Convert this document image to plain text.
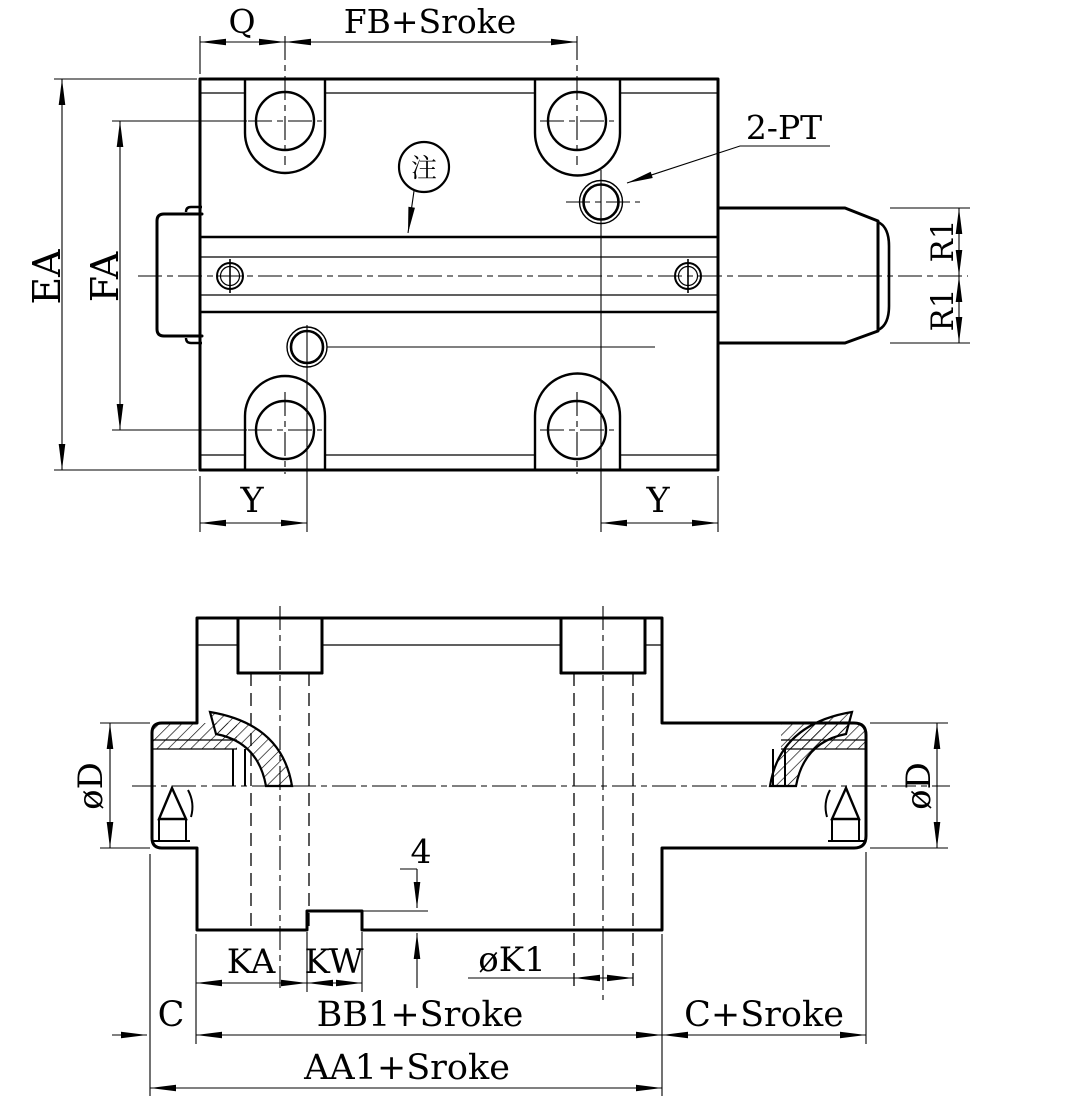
注
2-PT
Q	FB+Sroke
EA FA
R1
R1
Y	Y
øD	øD
4
KA KW	øK1
C	BB1+Sroke	C+Sroke
AA1+Sroke
